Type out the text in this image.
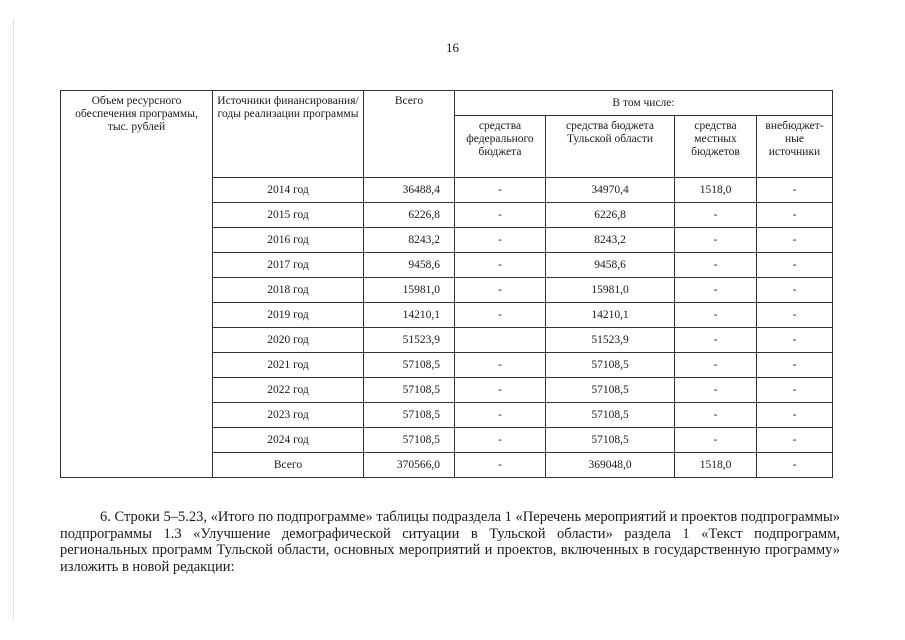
16
Объем ресурсного обеспечения программы, тыс. рублей	Источники финансирования/годы реализации программы	Всего	В том числе:			
			средства федерального бюджета	средства бюджета Тульской области	средства местных бюджетов	внебюджет-ные источники
	2014 год	36488,4	-	34970,4	1518,0	-
	2015 год	6226,8	-	6226,8	-	-
	2016 год	8243,2	-	8243,2	-	-
	2017 год	9458,6	-	9458,6	-	-
	2018 год	15981,0	-	15981,0	-	-
	2019 год	14210,1	-	14210,1	-	-
	2020 год	51523,9		51523,9	-	-
	2021 год	57108,5	-	57108,5	-	-
	2022 год	57108,5	-	57108,5	-	-
	2023 год	57108,5	-	57108,5	-	-
	2024 год	57108,5	-	57108,5	-	-
	Всего	370566,0	-	369048,0	1518,0	-
6. Строки 5–5.23, «Итого по подпрограмме» таблицы подраздела 1 «Перечень мероприятий и проектов подпрограммы» подпрограммы 1.3 «Улучшение демографической ситуации в Тульской области» раздела 1 «Текст подпрограмм, региональных программ Тульской области, основных мероприятий и проектов, включенных в государственную программу» изложить в новой редакции:
